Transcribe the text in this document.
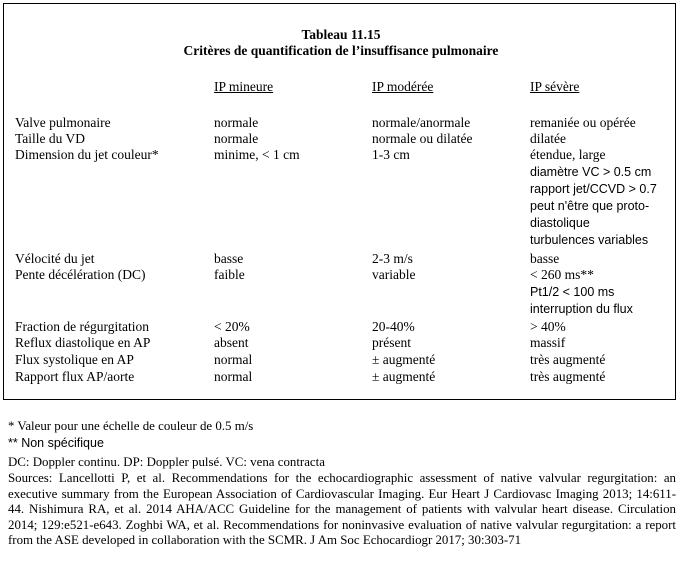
Tableau 11.15
Critères de quantification de l’insuffisance pulmonaire
IP mineure	IP modérée	IP sévère
Valve pulmonaire	normale	normale/anormale	remaniée ou opérée
Taille du VD	normale	normale ou dilatée	dilatée
Dimension du jet couleur*	minime, < 1 cm	1-3 cm	étendue, large
diamètre VC > 0.5 cm
rapport jet/CCVD > 0.7
peut n'être que proto-
diastolique
turbulences variables
Vélocité du jet	basse	2-3 m/s	basse
Pente décélération (DC)	faible	variable	< 260 ms**
Pt1/2 < 100 ms
interruption du flux
Fraction de régurgitation	< 20%	20-40%	> 40%
Reflux diastolique en AP	absent	présent	massif
Flux systolique en AP	normal	± augmenté	très augmenté
Rapport flux AP/aorte	normal	± augmenté	très augmenté
* Valeur pour une échelle de couleur de 0.5 m/s
** Non spécifique
DC: Doppler continu. DP: Doppler pulsé. VC: vena contracta
Sources: Lancellotti P, et al. Recommendations for the echocardiographic assessment of native valvular regurgitation: an executive summary from the European Association of Cardiovascular Imaging. Eur Heart J Cardiovasc Imaging 2013; 14:611-44. Nishimura RA, et al. 2014 AHA/ACC Guideline for the management of patients with valvular heart disease. Circulation 2014; 129:e521-e643. Zoghbi WA, et al. Recommendations for noninvasive evaluation of native valvular regurgitation: a report from the ASE developed in collaboration with the SCMR. J Am Soc Echocardiogr 2017; 30:303-71
